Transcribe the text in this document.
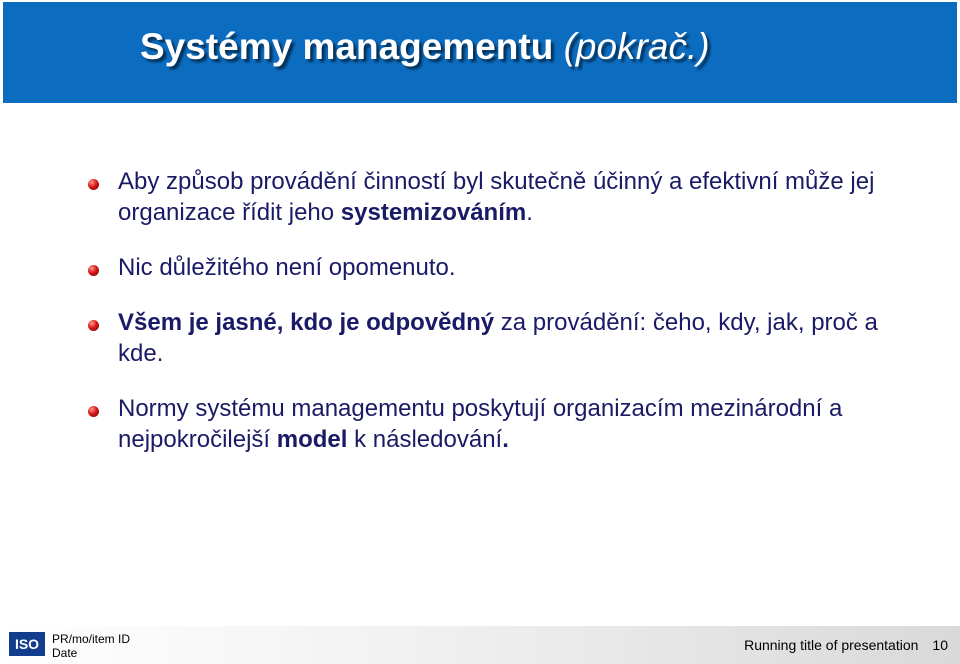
Systémy managementu (pokrač.)
Aby způsob provádění činností byl skutečně účinný a efektivní může jej organizace řídit jeho systemizováním.
Nic důležitého není opomenuto.
Všem je jasné, kdo je odpovědný za provádění: čeho, kdy, jak, proč a kde.
Normy systému managementu poskytují organizacím mezinárodní a nejpokročilejší model k následování.
ISO PR/mo/item ID
Date	Running title of presentation 10
